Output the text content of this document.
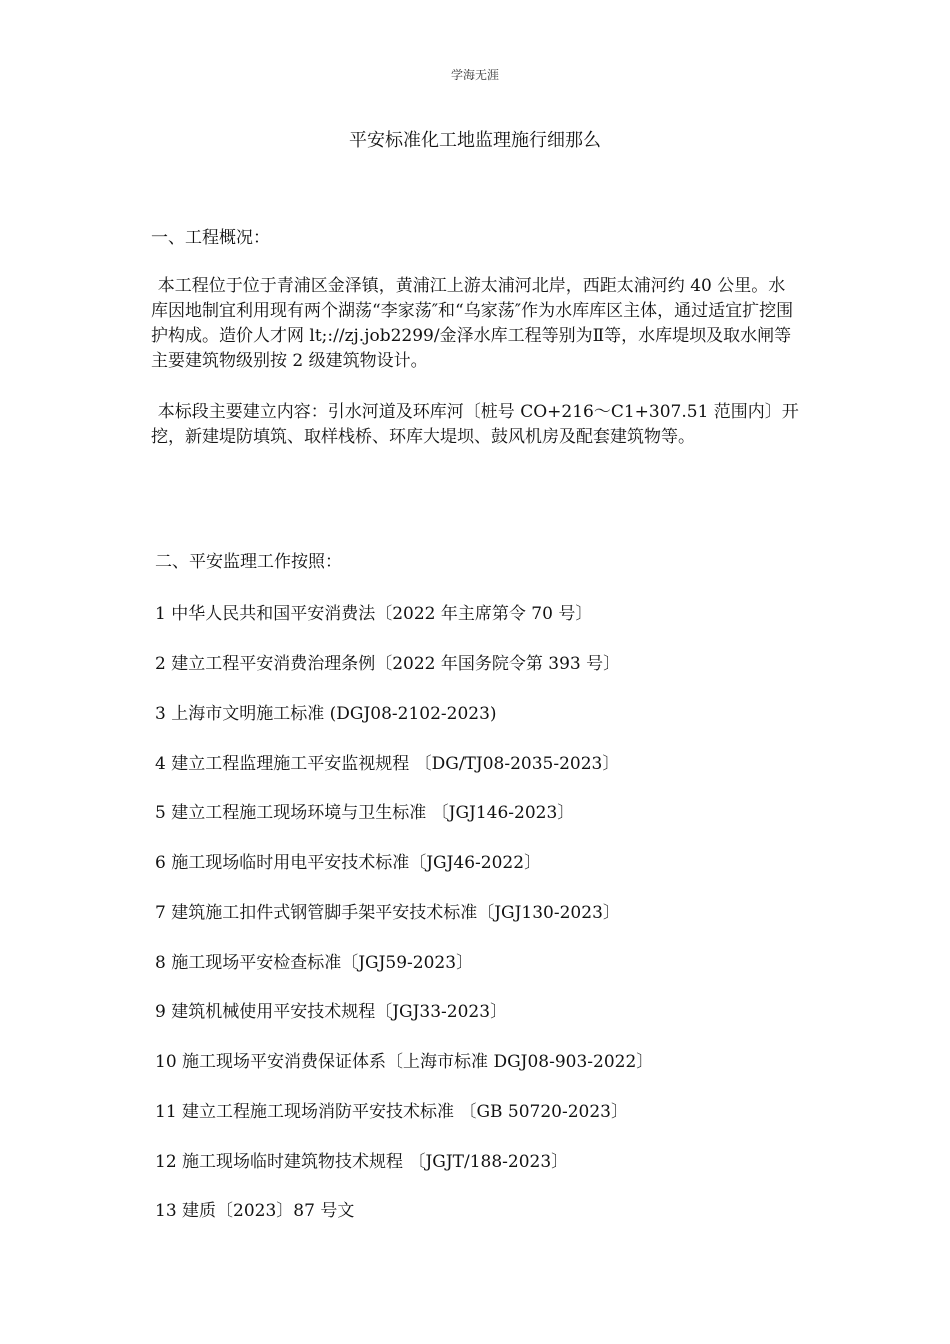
学海无涯
平安标准化工地监理施行细那么
一、工程概况：
本工程位于位于青浦区金泽镇，黄浦江上游太浦河北岸，西距太浦河约 40 公里。水库因地制宜利用现有两个湖荡“李家荡″和“乌家荡″作为水库库区主体，通过适宜扩挖围护构成。造价人才网 lt;://zj.job2299/金泽水库工程等别为Ⅱ等，水库堤坝及取水闸等主要建筑物级别按 2 级建筑物设计。
本标段主要建立内容：引水河道及环库河〔桩号 CO+216～C1+307.51 范围内〕开挖，新建堤防填筑、取样栈桥、环库大堤坝、鼓风机房及配套建筑物等。
二、平安监理工作按照：
1 中华人民共和国平安消费法〔2022 年主席第令 70 号〕
2 建立工程平安消费治理条例〔2022 年国务院令第 393 号〕
3 上海市文明施工标准 (DGJ08-2102-2023)
4 建立工程监理施工平安监视规程 〔DG/TJ08-2035-2023〕
5 建立工程施工现场环境与卫生标准 〔JGJ146-2023〕
6 施工现场临时用电平安技术标准〔JGJ46-2022〕
7 建筑施工扣件式钢管脚手架平安技术标准〔JGJ130-2023〕
8 施工现场平安检查标准〔JGJ59-2023〕
9 建筑机械使用平安技术规程〔JGJ33-2023〕
10 施工现场平安消费保证体系〔上海市标准 DGJ08-903-2022〕
11 建立工程施工现场消防平安技术标准 〔GB 50720-2023〕
12 施工现场临时建筑物技术规程 〔JGJT/188-2023〕
13 建质〔2023〕87 号文
